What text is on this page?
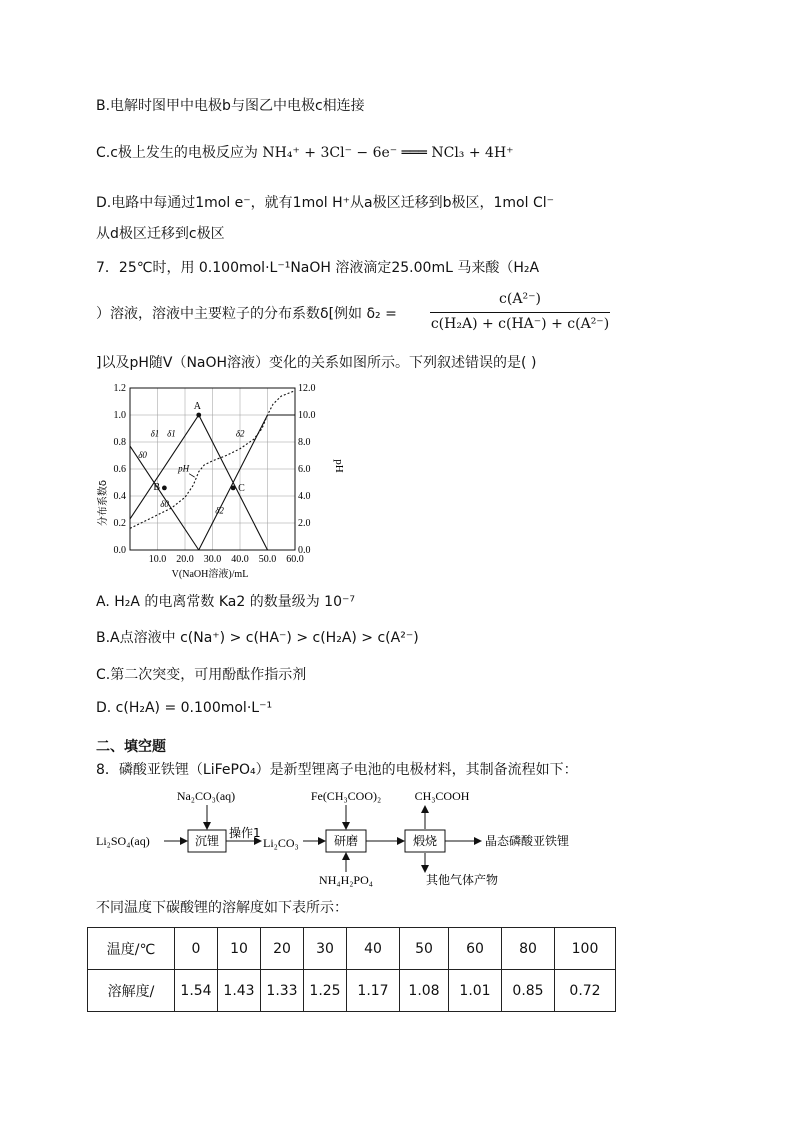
B.电解时图甲中电极b与图乙中电极c相连接
C.c极上发生的电极反应为 NH₄⁺ + 3Cl⁻ − 6e⁻ ═══ NCl₃ + 4H⁺
D.电路中每通过1mol e⁻，就有1mol H⁺从a极区迁移到b极区，1mol Cl⁻
从d极区迁移到c极区
7．25℃时，用 0.100mol·L⁻¹NaOH 溶液滴定25.00mL 马来酸（H₂A
）溶液，溶液中主要粒子的分布系数δ[例如 δ₂ =
c(A²⁻)
c(H₂A) + c(HA⁻) + c(A²⁻)
]以及pH随V（NaOH溶液）变化的关系如图所示。下列叙述错误的是( )
分布系数δ
pH
V(NaOH溶液)/mL
10.0 20.0 30.0 40.0 50.0 60.0
0.0
0.2
0.4
0.6
0.8
1.0
1.2
0.0
2.0
4.0
6.0
8.0
10.0
12.0
A
B	C
δ1 δ1
δ0
δ0
δ2
δ2
pH
A. H₂A 的电离常数 Ka2 的数量级为 10⁻⁷
B.A点溶液中 c(Na⁺) > c(HA⁻) > c(H₂A) > c(A²⁻)
C.第二次突变，可用酚酞作指示剂
D. c(H₂A) = 0.100mol·L⁻¹
二、填空题
8．磷酸亚铁锂（LiFePO₄）是新型锂离子电池的电极材料，其制备流程如下：
Li₂SO₄(aq)	沉锂
Na₂CO₃(aq)
操作1
Li₂CO₃	研磨
Fe(CH₃COO)₂
NH₄H₂PO₄
煅烧
CH₃COOH
其他气体产物
晶态磷酸亚铁锂
不同温度下碳酸锂的溶解度如下表所示：
温度/℃	0	10	20	30	40	50	60	80	100
溶解度/	1.54	1.43	1.33	1.25	1.17	1.08	1.01	0.85	0.72
